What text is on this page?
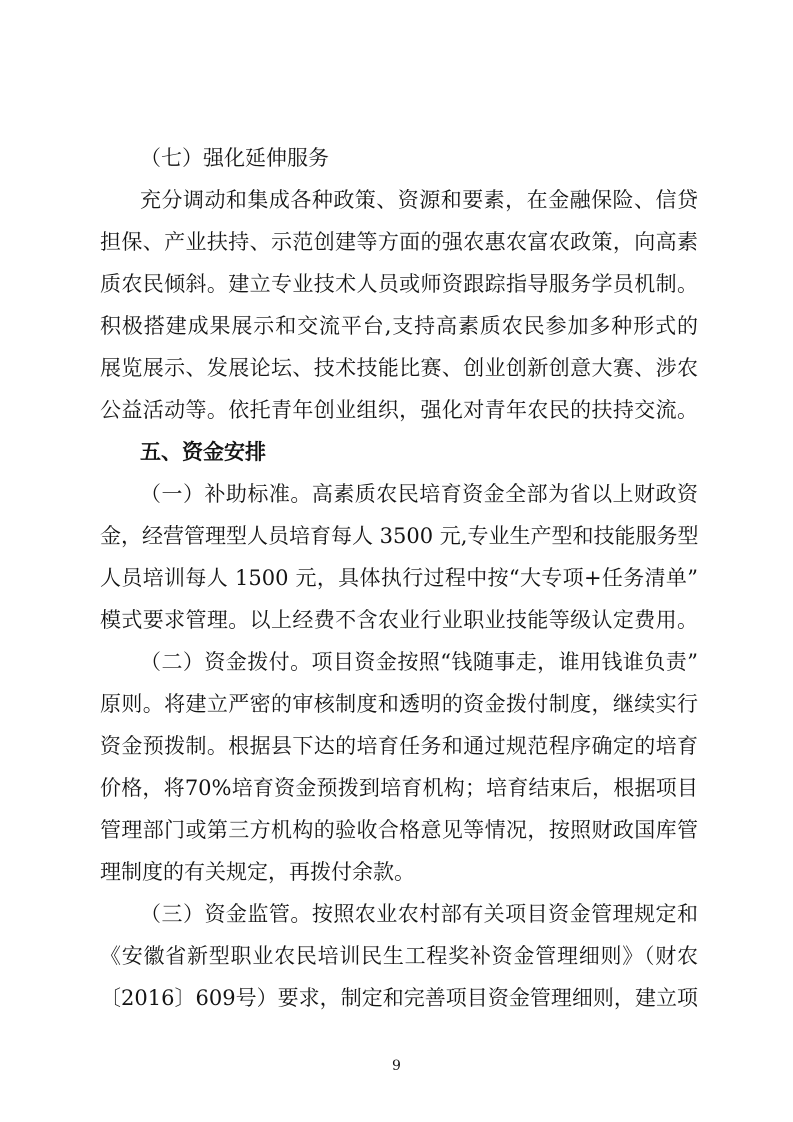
（七）强化延伸服务
充分调动和集成各种政策、资源和要素，在金融保险、信贷
担保、产业扶持、示范创建等方面的强农惠农富农政策，向高素
质农民倾斜。建立专业技术人员或师资跟踪指导服务学员机制。
积极搭建成果展示和交流平台,支持高素质农民参加多种形式的
展览展示、发展论坛、技术技能比赛、创业创新创意大赛、涉农
公益活动等。依托青年创业组织，强化对青年农民的扶持交流。
五、资金安排
（一）补助标准。高素质农民培育资金全部为省以上财政资
金，经营管理型人员培育每人 3500 元,专业生产型和技能服务型
人员培训每人 1500 元，具体执行过程中按“大专项+任务清单”
模式要求管理。以上经费不含农业行业职业技能等级认定费用。
（二）资金拨付。项目资金按照“钱随事走，谁用钱谁负责”
原则。将建立严密的审核制度和透明的资金拨付制度，继续实行
资金预拨制。根据县下达的培育任务和通过规范程序确定的培育
价格，将70%培育资金预拨到培育机构；培育结束后，根据项目
管理部门或第三方机构的验收合格意见等情况，按照财政国库管
理制度的有关规定，再拨付余款。
（三）资金监管。按照农业农村部有关项目资金管理规定和
《安徽省新型职业农民培训民生工程奖补资金管理细则》（财农
〔2016〕609号）要求，制定和完善项目资金管理细则，建立项
9
